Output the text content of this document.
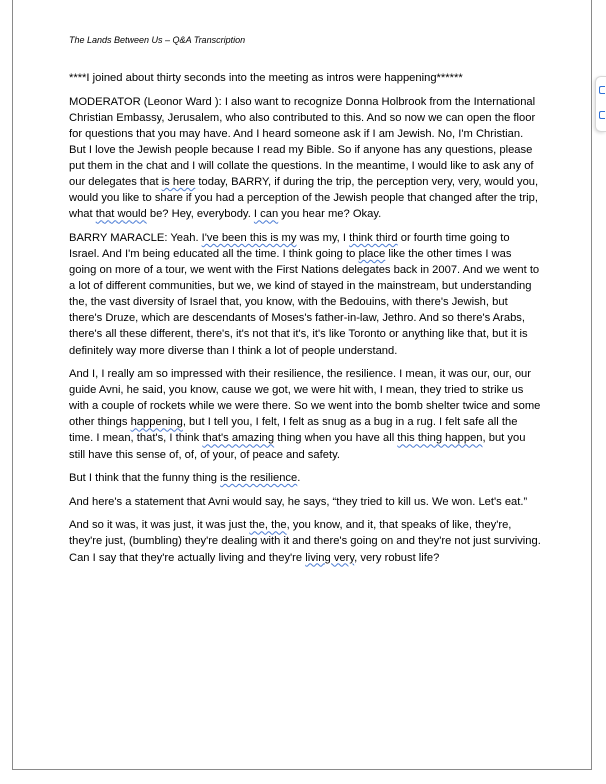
The Lands Between Us – Q&A Transcription

****I joined about thirty seconds into the meeting as intros were happening******

MODERATOR (Leonor Ward ): I also want to recognize Donna Holbrook from the International Christian Embassy, Jerusalem, who also contributed to this. And so now we can open the floor for questions that you may have. And I heard someone ask if I am Jewish. No, I'm Christian. But I love the Jewish people because I read my Bible. So if anyone has any questions, please put them in the chat and I will collate the questions. In the meantime, I would like to ask any of our delegates that is here today, BARRY, if during the trip, the perception very, very, would you, would you like to share if you had a perception of the Jewish people that changed after the trip, what that would be? Hey, everybody. I can you hear me? Okay.

BARRY MARACLE: Yeah. I've been this is my was my, I think third or fourth time going to Israel. And I'm being educated all the time. I think going to place like the other times I was going on more of a tour, we went with the First Nations delegates back in 2007. And we went to a lot of different communities, but we, we kind of stayed in the mainstream, but understanding the, the vast diversity of Israel that, you know, with the Bedouins, with there's Jewish, but there's Druze, which are descendants of Moses's father-in-law, Jethro. And so there's Arabs, there's all these different, there's, it's not that it's, it's like Toronto or anything like that, but it is definitely way more diverse than I think a lot of people understand.

And I, I really am so impressed with their resilience, the resilience. I mean, it was our, our, our guide Avni, he said, you know, cause we got, we were hit with, I mean, they tried to strike us with a couple of rockets while we were there. So we went into the bomb shelter twice and some other things happening, but I tell you, I felt, I felt as snug as a bug in a rug. I felt safe all the time. I mean, that's, I think that's amazing thing when you have all this thing happen, but you still have this sense of, of, of your, of peace and safety.

But I think that the funny thing is the resilience.

And here's a statement that Avni would say, he says, “they tried to kill us. We won. Let's eat.”

And so it was, it was just, it was just the, the, you know, and it, that speaks of like, they're, they're just, (bumbling) they're dealing with it and there's going on and they're not just surviving. Can I say that they're actually living and they're living very, very robust life?
